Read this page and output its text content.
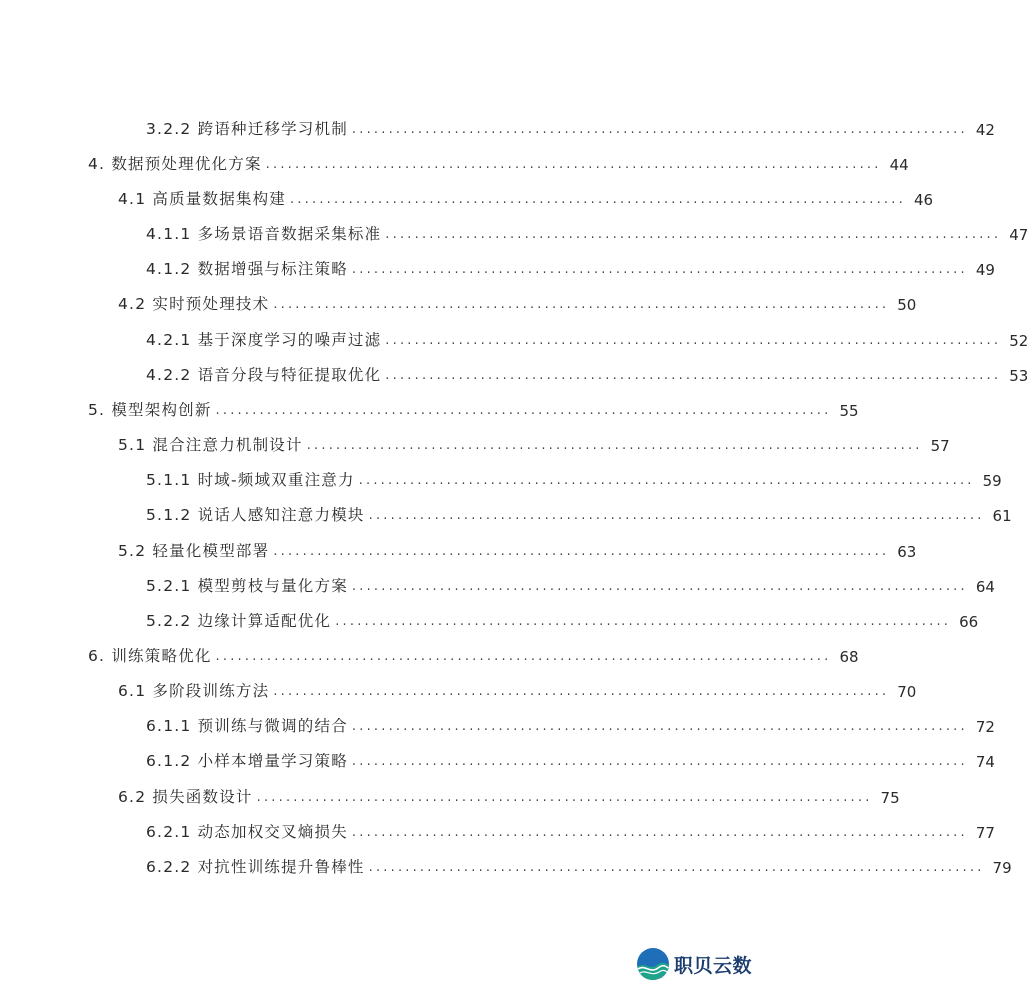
3.2.2 跨语种迁移学习机制 .................................................................................... 42
4. 数据预处理优化方案 .................................................................................... 44
4.1 高质量数据集构建 .................................................................................... 46
4.1.1 多场景语音数据采集标准 .................................................................................... 47
4.1.2 数据增强与标注策略 .................................................................................... 49
4.2 实时预处理技术 .................................................................................... 50
4.2.1 基于深度学习的噪声过滤 .................................................................................... 52
4.2.2 语音分段与特征提取优化 .................................................................................... 53
5. 模型架构创新 .................................................................................... 55
5.1 混合注意力机制设计 .................................................................................... 57
5.1.1 时域-频域双重注意力 .................................................................................... 59
5.1.2 说话人感知注意力模块 .................................................................................... 61
5.2 轻量化模型部署 .................................................................................... 63
5.2.1 模型剪枝与量化方案 .................................................................................... 64
5.2.2 边缘计算适配优化 .................................................................................... 66
6. 训练策略优化 .................................................................................... 68
6.1 多阶段训练方法 .................................................................................... 70
6.1.1 预训练与微调的结合 .................................................................................... 72
6.1.2 小样本增量学习策略 .................................................................................... 74
6.2 损失函数设计 .................................................................................... 75
6.2.1 动态加权交叉熵损失 .................................................................................... 77
6.2.2 对抗性训练提升鲁棒性 .................................................................................... 79
职贝云数
